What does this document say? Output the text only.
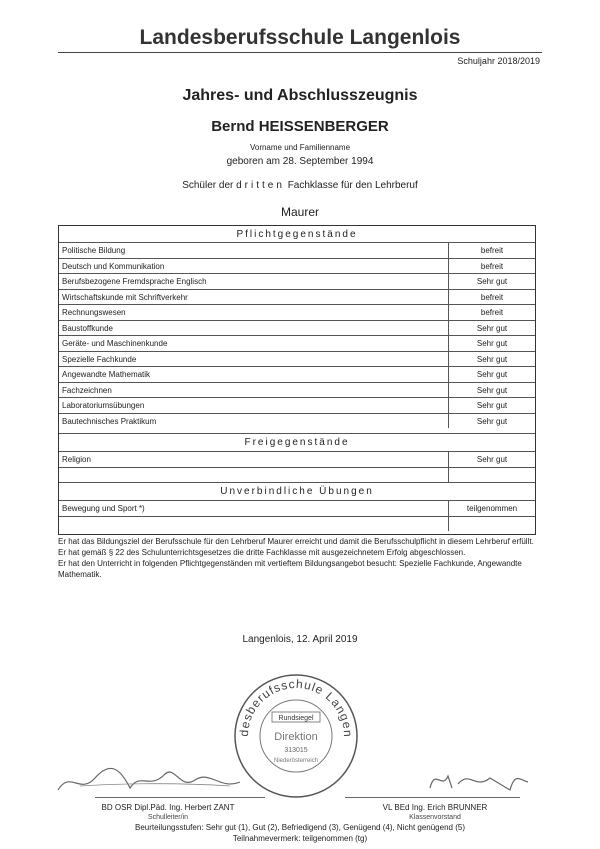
Landesberufsschule Langenlois
Schuljahr 2018/2019
Jahres- und Abschlusszeugnis
Bernd HEISSENBERGER
Vorname und Familienname
geboren am 28. September 1994
Schüler der dritten Fachklasse für den Lehrberuf
Maurer
Pflichtgegenstände
Politische Bildung	befreit
Deutsch und Kommunikation	befreit
Berufsbezogene Fremdsprache Englisch	Sehr gut
Wirtschaftskunde mit Schriftverkehr	befreit
Rechnungswesen	befreit
Baustoffkunde	Sehr gut
Geräte- und Maschinenkunde	Sehr gut
Spezielle Fachkunde	Sehr gut
Angewandte Mathematik	Sehr gut
Fachzeichnen	Sehr gut
Laboratoriumsübungen	Sehr gut
Bautechnisches Praktikum	Sehr gut
Freigegenstände
Religion	Sehr gut
Unverbindliche Übungen
Bewegung und Sport *)	teilgenommen
Er hat das Bildungsziel der Berufsschule für den Lehrberuf Maurer erreicht und damit die Berufsschulpflicht in diesem Lehrberuf erfüllt.
Er hat gemäß § 22 des Schulunterrichtsgesetzes die dritte Fachklasse mit ausgezeichnetem Erfolg abgeschlossen.
Er hat den Unterricht in folgenden Pflichtgegenständen mit vertieftem Bildungsangebot besucht: Spezielle Fachkunde, Angewandte Mathematik.
Langenlois, 12. April 2019
desberufsschule Langen
Rundsiegel
Direktion
313015
Niederösterreich
BD OSR Dipl.Päd. Ing. Herbert ZANT
Schulleiter/in
VL BEd Ing. Erich BRUNNER
Klassenvorstand
Beurteilungsstufen: Sehr gut (1), Gut (2), Befriedigend (3), Genügend (4), Nicht genügend (5)
Teilnahmevermerk: teilgenommen (tg)
